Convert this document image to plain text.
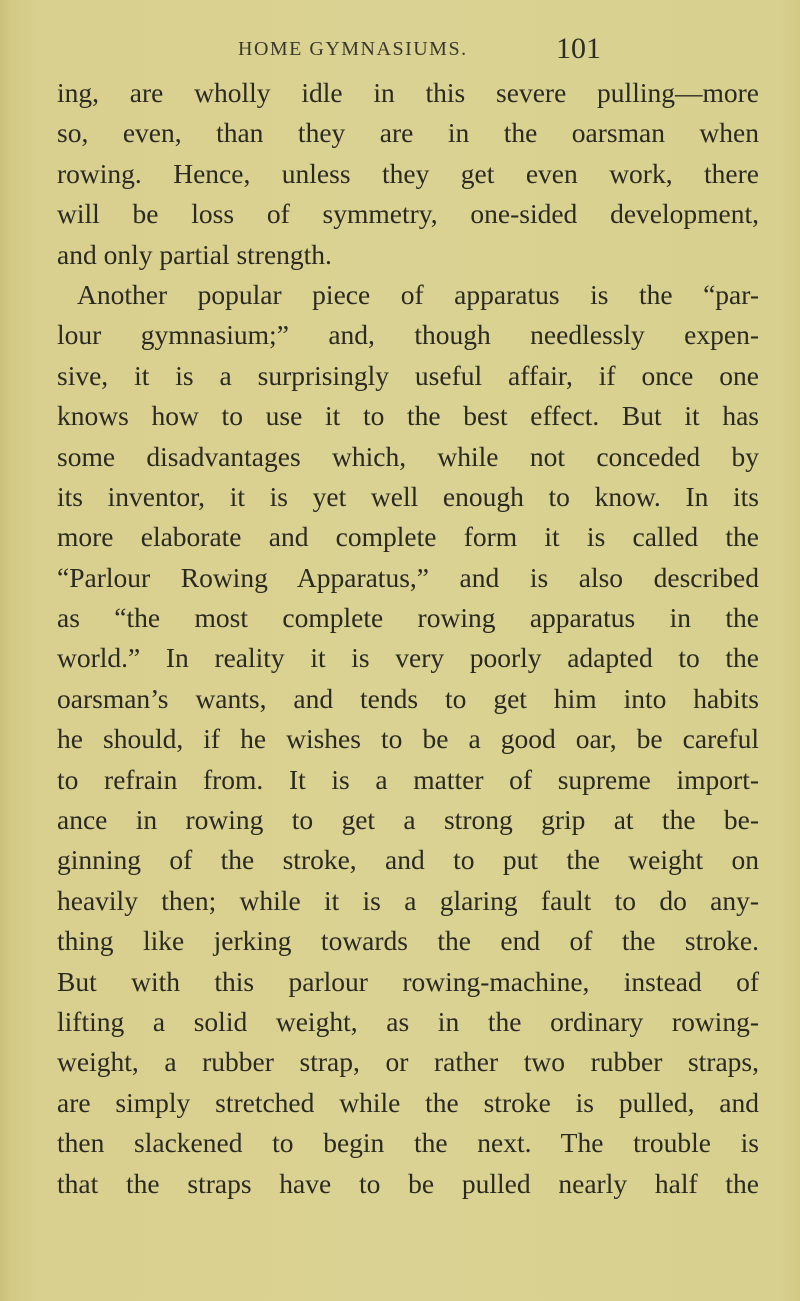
HOME GYMNASIUMS.	101
ing, are wholly idle in this severe pulling—more
so, even, than they are in the oarsman when
rowing. Hence, unless they get even work, there
will be loss of symmetry, one-sided development,
and only partial strength.
Another popular piece of apparatus is the “par-
lour gymnasium;” and, though needlessly expen-
sive, it is a surprisingly useful affair, if once one
knows how to use it to the best effect. But it has
some disadvantages which, while not conceded by
its inventor, it is yet well enough to know. In its
more elaborate and complete form it is called the
“Parlour Rowing Apparatus,” and is also described
as “the most complete rowing apparatus in the
world.” In reality it is very poorly adapted to the
oarsman’s wants, and tends to get him into habits
he should, if he wishes to be a good oar, be careful
to refrain from. It is a matter of supreme import-
ance in rowing to get a strong grip at the be-
ginning of the stroke, and to put the weight on
heavily then; while it is a glaring fault to do any-
thing like jerking towards the end of the stroke.
But with this parlour rowing-machine, instead of
lifting a solid weight, as in the ordinary rowing-
weight, a rubber strap, or rather two rubber straps,
are simply stretched while the stroke is pulled, and
then slackened to begin the next. The trouble is
that the straps have to be pulled nearly half the
